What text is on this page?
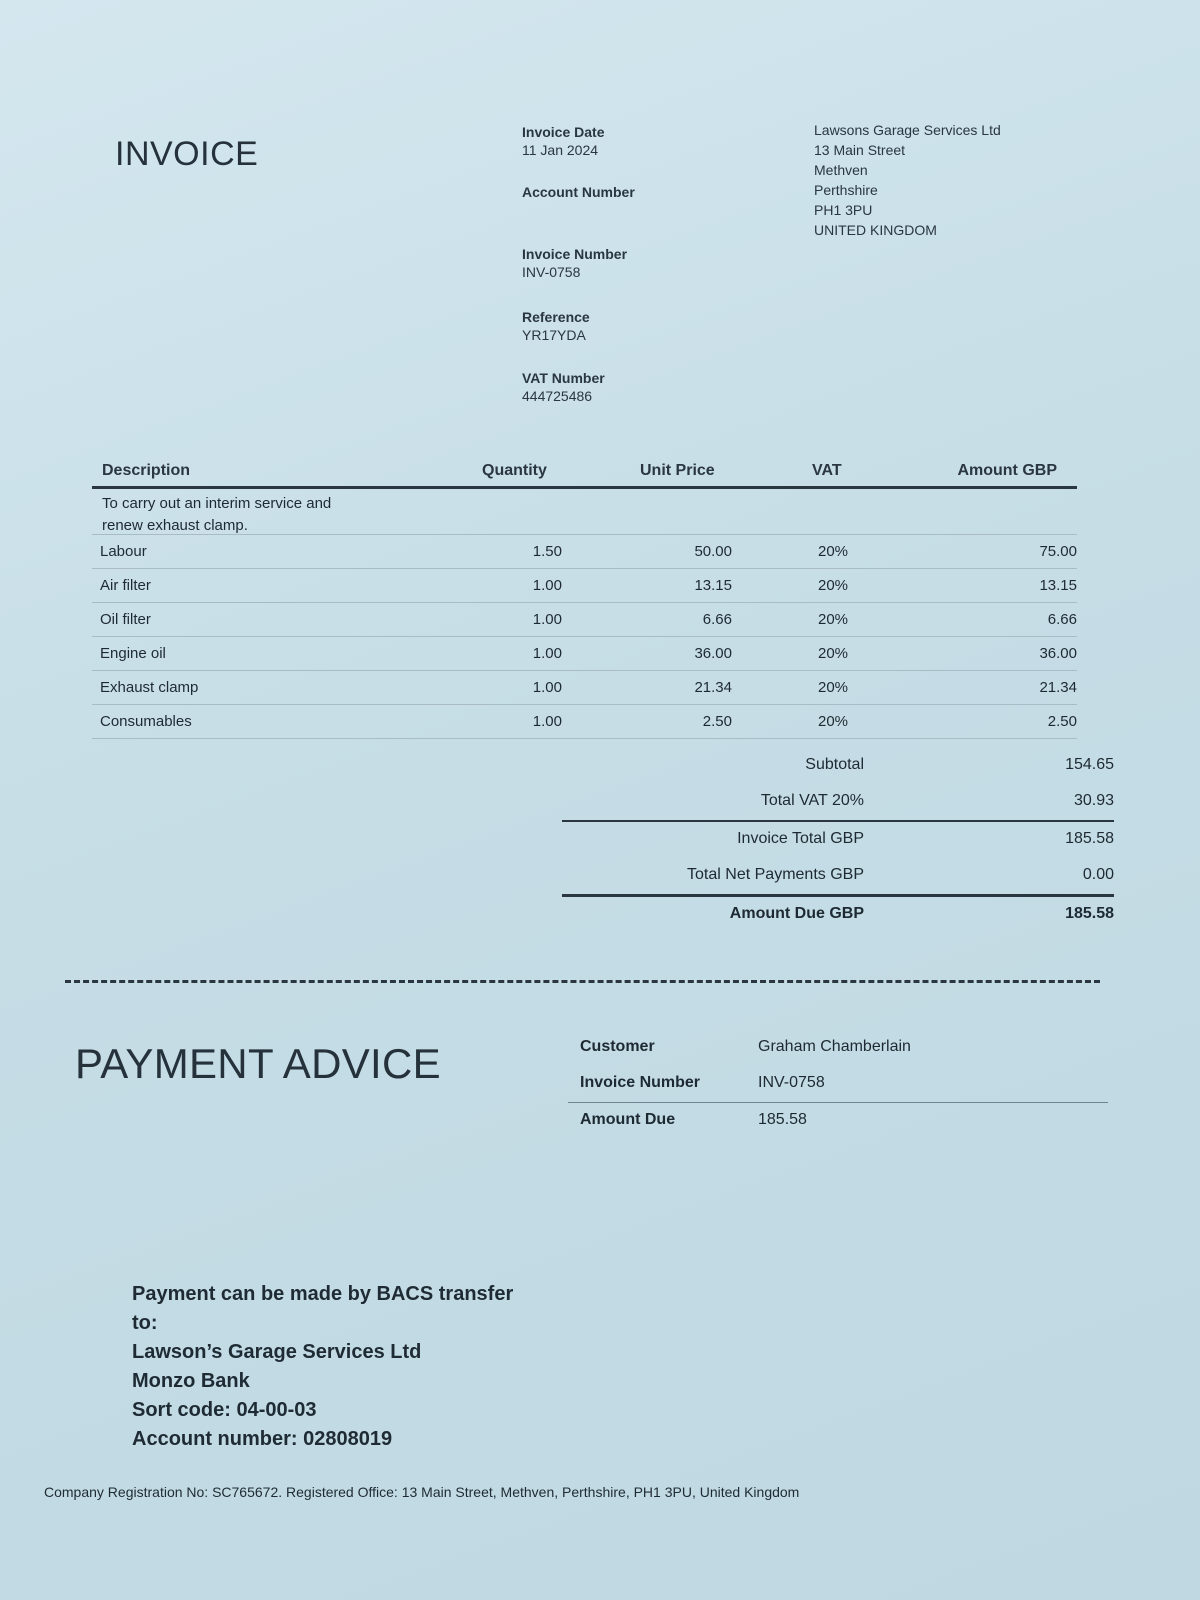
INVOICE

Invoice Date

11 Jan 2024

Account Number

Invoice Number

INV-0758

Reference

YR17YDA

VAT Number

444725486

Lawsons Garage Services Ltd
13 Main Street
Methven
Perthshire
PH1 3PU
UNITED KINGDOM
Description	Quantity	Unit Price	VAT	Amount GBP
To carry out an interim service and
renew exhaust clamp.
Labour	1.50	50.00	20%	75.00
Air filter	1.00	13.15	20%	13.15
Oil filter	1.00	6.66	20%	6.66
Engine oil	1.00	36.00	20%	36.00
Exhaust clamp	1.00	21.34	20%	21.34
Consumables	1.00	2.50	20%	2.50
Subtotal	154.65
Total VAT 20%	30.93
Invoice Total GBP	185.58
Total Net Payments GBP	0.00
Amount Due GBP	185.58
PAYMENT ADVICE	Customer	Graham Chamberlain
Invoice Number	INV-0758
Amount Due	185.58
Payment can be made by BACS transfer
to:
Lawson’s Garage Services Ltd
Monzo Bank
Sort code: 04-00-03
Account number: 02808019
Company Registration No: SC765672. Registered Office: 13 Main Street, Methven, Perthshire, PH1 3PU, United Kingdom
